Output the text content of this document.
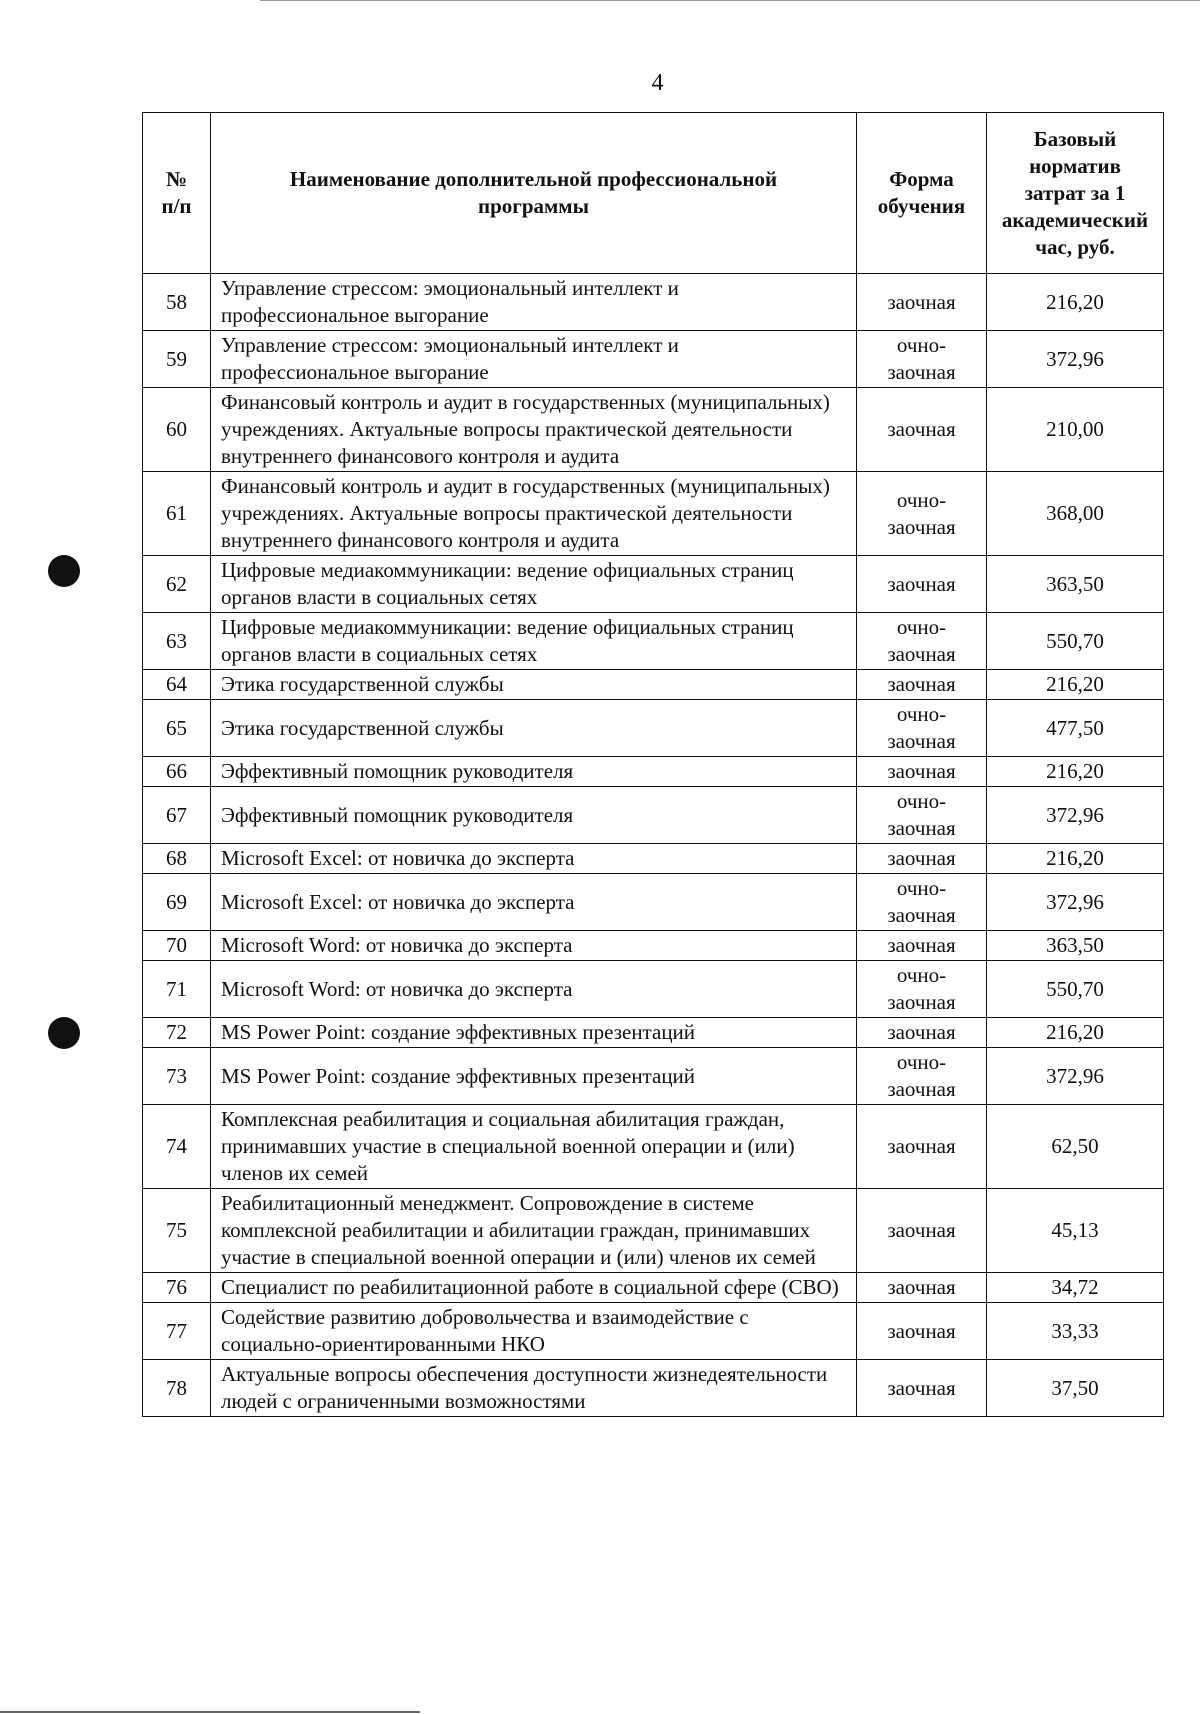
4
№ п/п	Наименование дополнительной профессиональной программы	Форма обучения	Базовый норматив затрат за 1 академический час, руб.
58	Управление стрессом: эмоциональный интеллект и профессиональное выгорание	заочная	216,20
59	Управление стрессом: эмоциональный интеллект и профессиональное выгорание	очно-заочная	372,96
60	Финансовый контроль и аудит в государственных (муниципальных) учреждениях. Актуальные вопросы практической деятельности внутреннего финансового контроля и аудита	заочная	210,00
61	Финансовый контроль и аудит в государственных (муниципальных) учреждениях. Актуальные вопросы практической деятельности внутреннего финансового контроля и аудита	очно-заочная	368,00
62	Цифровые медиакоммуникации: ведение официальных страниц органов власти в социальных сетях	заочная	363,50
63	Цифровые медиакоммуникации: ведение официальных страниц органов власти в социальных сетях	очно-заочная	550,70
64	Этика государственной службы	заочная	216,20
65	Этика государственной службы	очно-заочная	477,50
66	Эффективный помощник руководителя	заочная	216,20
67	Эффективный помощник руководителя	очно-заочная	372,96
68	Microsoft Excel: от новичка до эксперта	заочная	216,20
69	Microsoft Excel: от новичка до эксперта	очно-заочная	372,96
70	Microsoft Word: от новичка до эксперта	заочная	363,50
71	Microsoft Word: от новичка до эксперта	очно-заочная	550,70
72	MS Power Point: создание эффективных презентаций	заочная	216,20
73	MS Power Point: создание эффективных презентаций	очно-заочная	372,96
74	Комплексная реабилитация и социальная абилитация граждан, принимавших участие в специальной военной операции и (или) членов их семей	заочная	62,50
75	Реабилитационный менеджмент. Сопровождение в системе комплексной реабилитации и абилитации граждан, принимавших участие в специальной военной операции и (или) членов их семей	заочная	45,13
76	Специалист по реабилитационной работе в социальной сфере (СВО)	заочная	34,72
77	Содействие развитию добровольчества и взаимодействие с социально-ориентированными НКО	заочная	33,33
78	Актуальные вопросы обеспечения доступности жизнедеятельности людей с ограниченными возможностями	заочная	37,50
